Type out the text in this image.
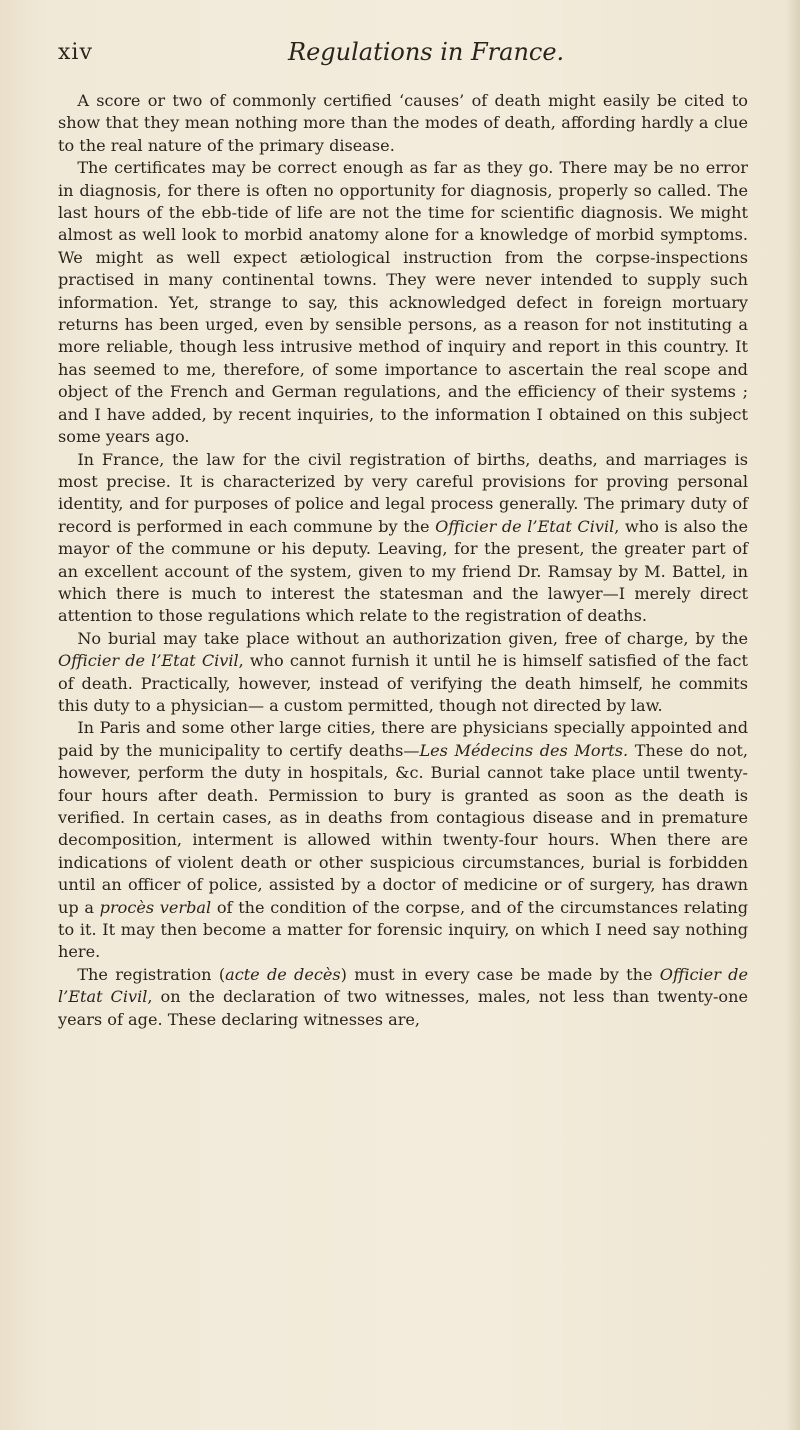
xiv	Regulations in France.

A score or two of commonly certified ‘causes’ of death might easily be cited to show that they mean nothing more than the modes of death, affording hardly a clue to the real nature of the primary disease.

The certificates may be correct enough as far as they go. There may be no error in diagnosis, for there is often no opportunity for diagnosis, properly so called. The last hours of the ebb-tide of life are not the time for scientific diagnosis. We might almost as well look to morbid anatomy alone for a knowledge of morbid symptoms. We might as well expect ætiological instruction from the corpse-inspections practised in many continental towns. They were never intended to supply such information. Yet, strange to say, this acknowledged defect in foreign mortuary returns has been urged, even by sensible persons, as a reason for not instituting a more reliable, though less intrusive method of inquiry and report in this country. It has seemed to me, therefore, of some importance to ascertain the real scope and object of the French and German regulations, and the efficiency of their systems ; and I have added, by recent inquiries, to the information I obtained on this subject some years ago.

In France, the law for the civil registration of births, deaths, and marriages is most precise. It is characterized by very careful provisions for proving personal identity, and for purposes of police and legal process generally. The primary duty of record is performed in each commune by the Officier de l’Etat Civil, who is also the mayor of the commune or his deputy. Leaving, for the present, the greater part of an excellent account of the system, given to my friend Dr. Ramsay by M. Battel, in which there is much to interest the statesman and the lawyer—I merely direct attention to those regulations which relate to the registration of deaths.

No burial may take place without an authorization given, free of charge, by the Officier de l’Etat Civil, who cannot furnish it until he is himself satisfied of the fact of death. Practically, however, instead of verifying the death himself, he commits this duty to a physician— a custom permitted, though not directed by law.

In Paris and some other large cities, there are physicians specially appointed and paid by the municipality to certify deaths—Les Médecins des Morts. These do not, however, perform the duty in hospitals, &c. Burial cannot take place until twenty-four hours after death. Permission to bury is granted as soon as the death is verified. In certain cases, as in deaths from contagious disease and in premature decomposition, interment is allowed within twenty-four hours. When there are indications of violent death or other suspicious circumstances, burial is forbidden until an officer of police, assisted by a doctor of medicine or of surgery, has drawn up a procès verbal of the condition of the corpse, and of the circumstances relating to it. It may then become a matter for forensic inquiry, on which I need say nothing here.

The registration (acte de decès) must in every case be made by the Officier de l’Etat Civil, on the declaration of two witnesses, males, not less than twenty-one years of age. These declaring witnesses are,
